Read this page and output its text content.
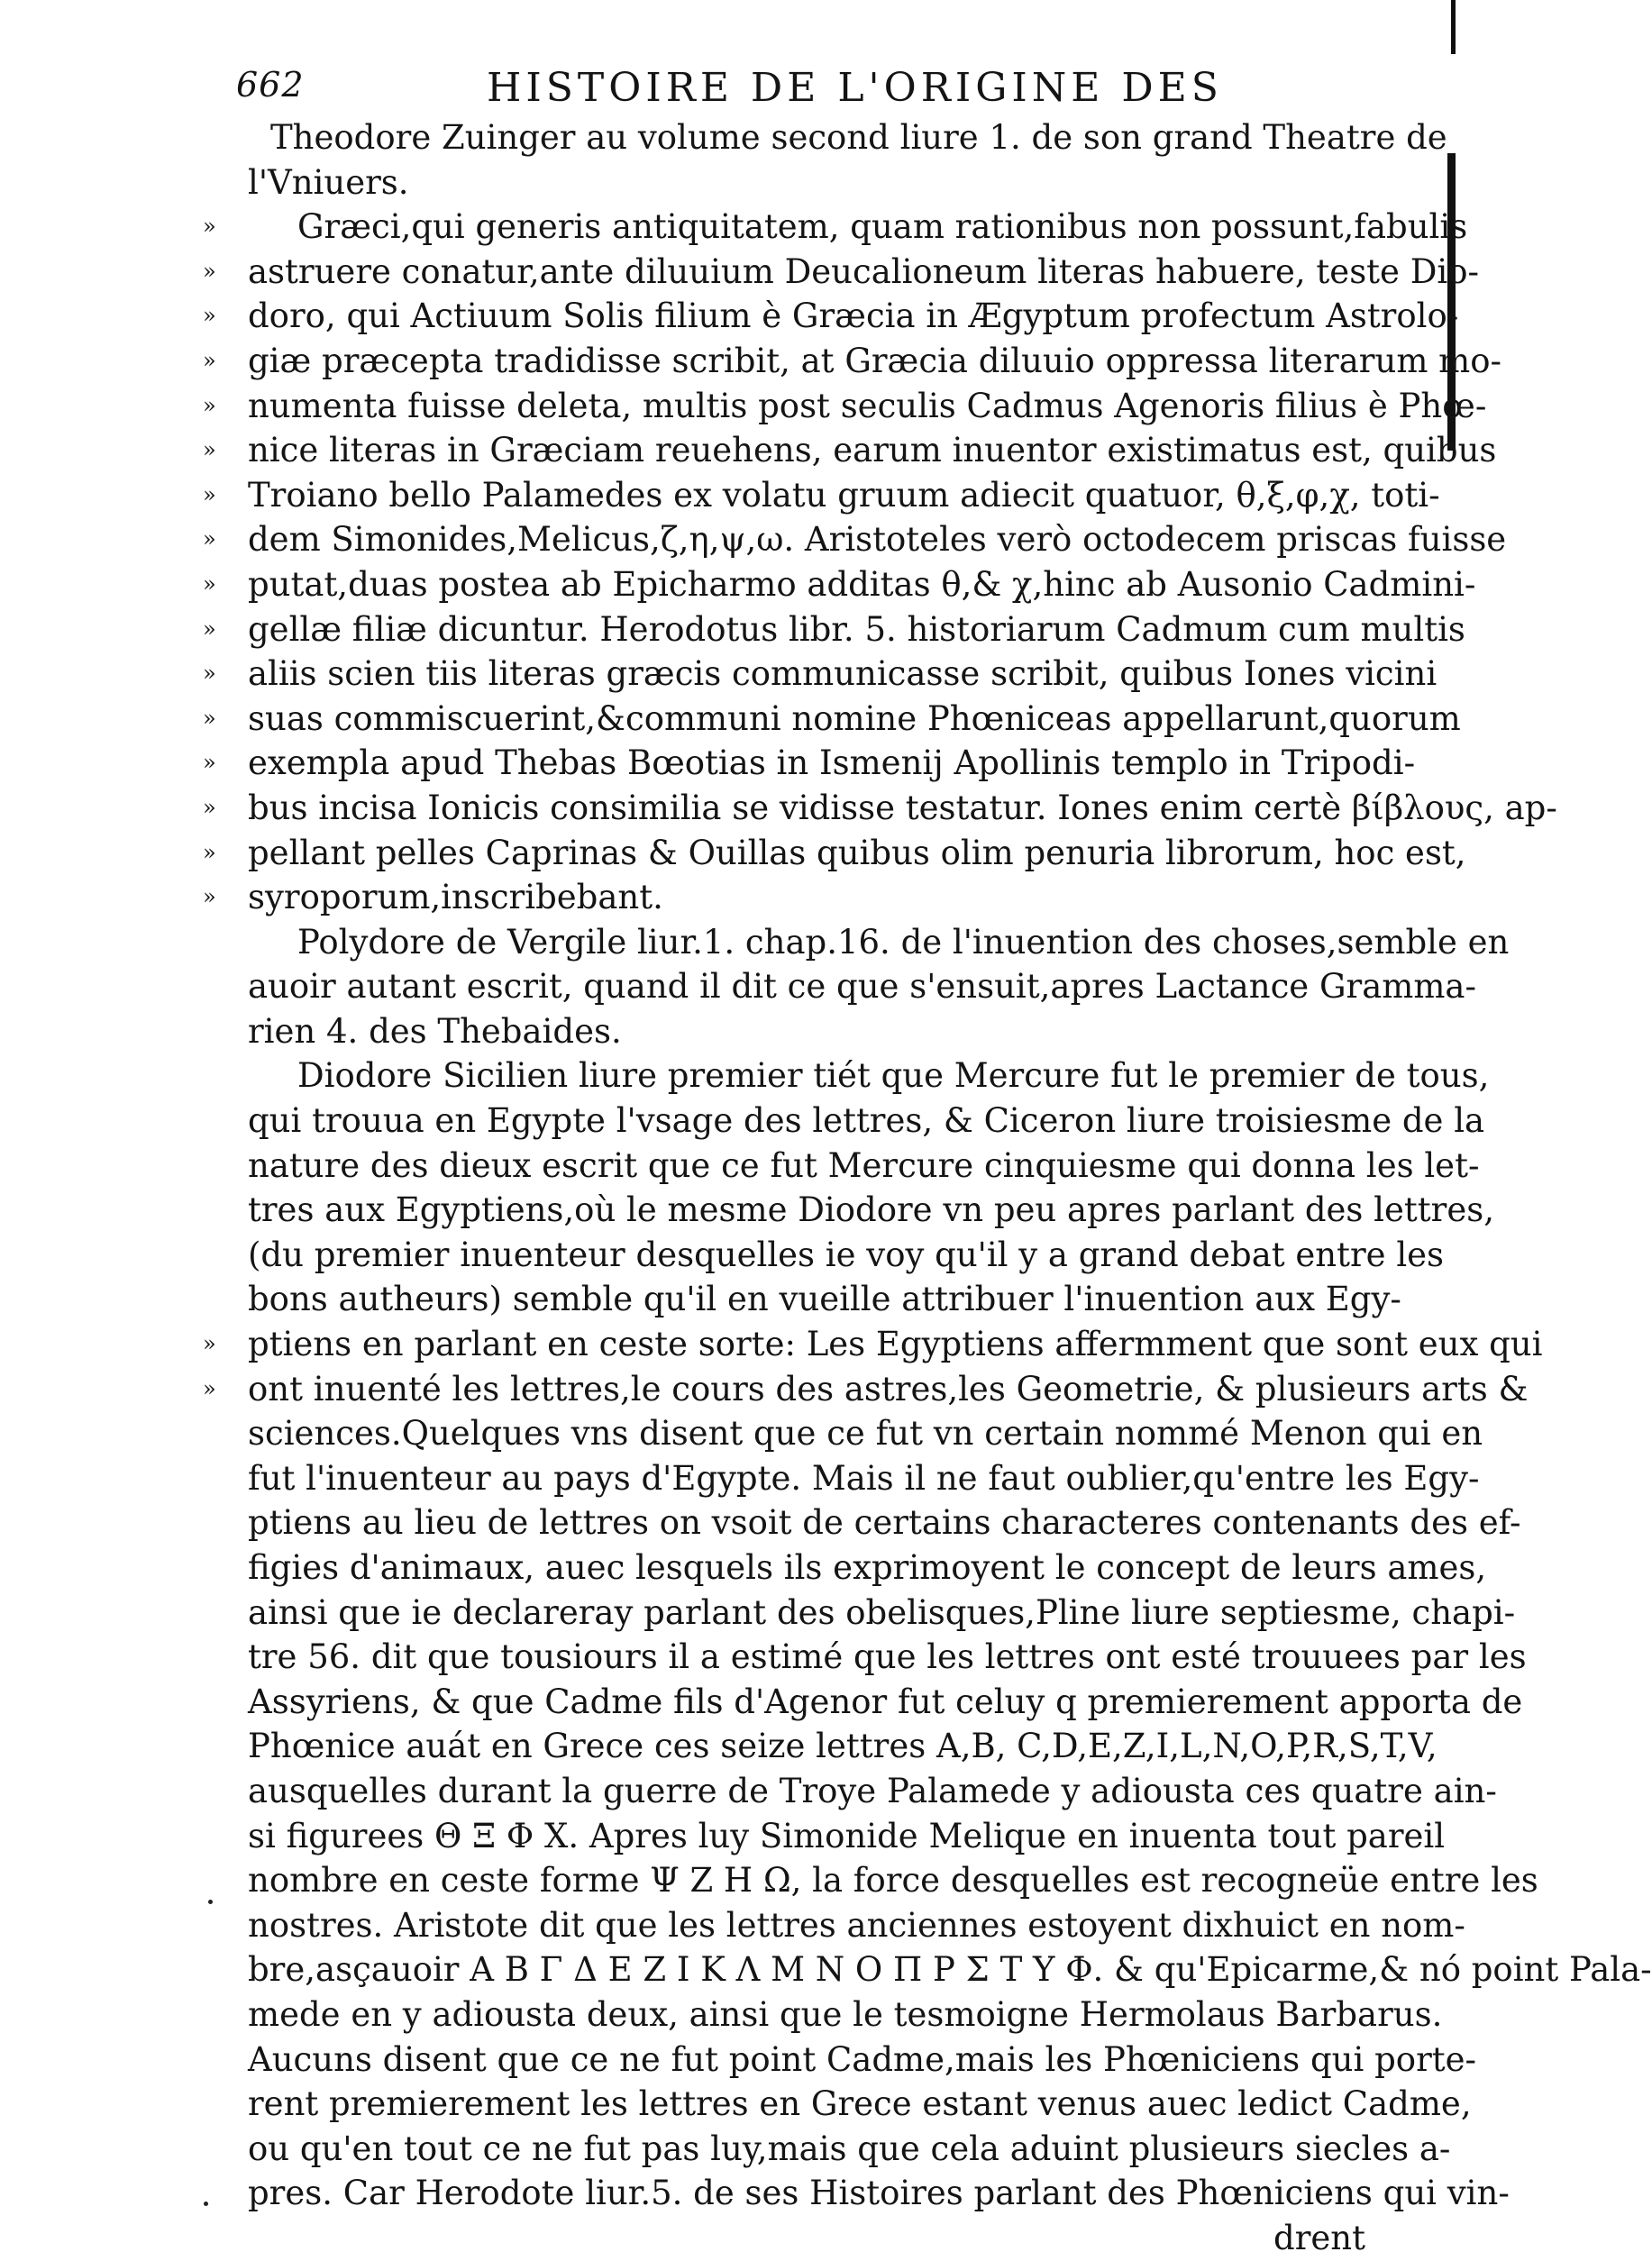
662	HISTOIRE DE L'ORIGINE DES
Theodore Zuinger au volume second liure 1. de son grand Theatre de
l'Vniuers.
» Græci,qui generis antiquitatem, quam rationibus non possunt,fabulis
» astruere conatur,ante diluuium Deucalioneum literas habuere, teste Dio-
» doro, qui Actiuum Solis filium è Græcia in Ægyptum profectum Astrolo-
» giæ præcepta tradidisse scribit, at Græcia diluuio oppressa literarum mo-
» numenta fuisse deleta, multis post seculis Cadmus Agenoris filius è Phœ-
» nice literas in Græciam reuehens, earum inuentor existimatus est, quibus
» Troiano bello Palamedes ex volatu gruum adiecit quatuor, θ,ξ,φ,χ, toti-
» dem Simonides,Melicus,ζ,η,ψ,ω. Aristoteles verò octodecem priscas fuisse
» putat,duas postea ab Epicharmo additas θ,& χ,hinc ab Ausonio Cadmini-
» gellæ filiæ dicuntur. Herodotus libr. 5. historiarum Cadmum cum multis
» aliis scien tiis literas græcis communicasse scribit, quibus Iones vicini
» suas commiscuerint,&communi nomine Phœniceas appellarunt,quorum
» exempla apud Thebas Bœotias in Ismenij Apollinis templo in Tripodi-
» bus incisa Ionicis consimilia se vidisse testatur. Iones enim certè βίβλους, ap-
» pellant pelles Caprinas & Ouillas quibus olim penuria librorum, hoc est,
» syroporum,inscribebant.
Polydore de Vergile liur.1. chap.16. de l'inuention des choses,semble en
auoir autant escrit, quand il dit ce que s'ensuit,apres Lactance Gramma-
rien 4. des Thebaides.
Diodore Sicilien liure premier tiét que Mercure fut le premier de tous,
qui trouua en Egypte l'vsage des lettres, & Ciceron liure troisiesme de la
nature des dieux escrit que ce fut Mercure cinquiesme qui donna les let-
tres aux Egyptiens,où le mesme Diodore vn peu apres parlant des lettres,
(du premier inuenteur desquelles ie voy qu'il y a grand debat entre les
bons autheurs) semble qu'il en vueille attribuer l'inuention aux Egy-
» ptiens en parlant en ceste sorte: Les Egyptiens affermment que sont eux qui
» ont inuenté les lettres,le cours des astres,les Geometrie, & plusieurs arts &
sciences.Quelques vns disent que ce fut vn certain nommé Menon qui en
fut l'inuenteur au pays d'Egypte. Mais il ne faut oublier,qu'entre les Egy-
ptiens au lieu de lettres on vsoit de certains characteres contenants des ef-
figies d'animaux, auec lesquels ils exprimoyent le concept de leurs ames,
ainsi que ie declareray parlant des obelisques,Pline liure septiesme, chapi-
tre 56. dit que tousiours il a estimé que les lettres ont esté trouuees par les
Assyriens, & que Cadme fils d'Agenor fut celuy q premierement apporta de
Phœnice auát en Grece ces seize lettres A,B, C,D,E,Z,I,L,N,O,P,R,S,T,V,
ausquelles durant la guerre de Troye Palamede y adiousta ces quatre ain-
si figurees Θ Ξ Φ Χ. Apres luy Simonide Melique en inuenta tout pareil
nombre en ceste forme Ψ Ζ Η Ω, la force desquelles est recogneüe entre les
nostres. Aristote dit que les lettres anciennes estoyent dixhuict en nom-
bre,asçauoir Α Β Γ Δ Ε Ζ Ι Κ Λ Μ Ν Ο Π Ρ Σ Τ Υ Φ. & qu'Epicarme,& nó point Pala-
mede en y adiousta deux, ainsi que le tesmoigne Hermolaus Barbarus.
Aucuns disent que ce ne fut point Cadme,mais les Phœniciens qui porte-
rent premierement les lettres en Grece estant venus auec ledict Cadme,
ou qu'en tout ce ne fut pas luy,mais que cela aduint plusieurs siecles a-
pres. Car Herodote liur.5. de ses Histoires parlant des Phœniciens qui vin-
drent
